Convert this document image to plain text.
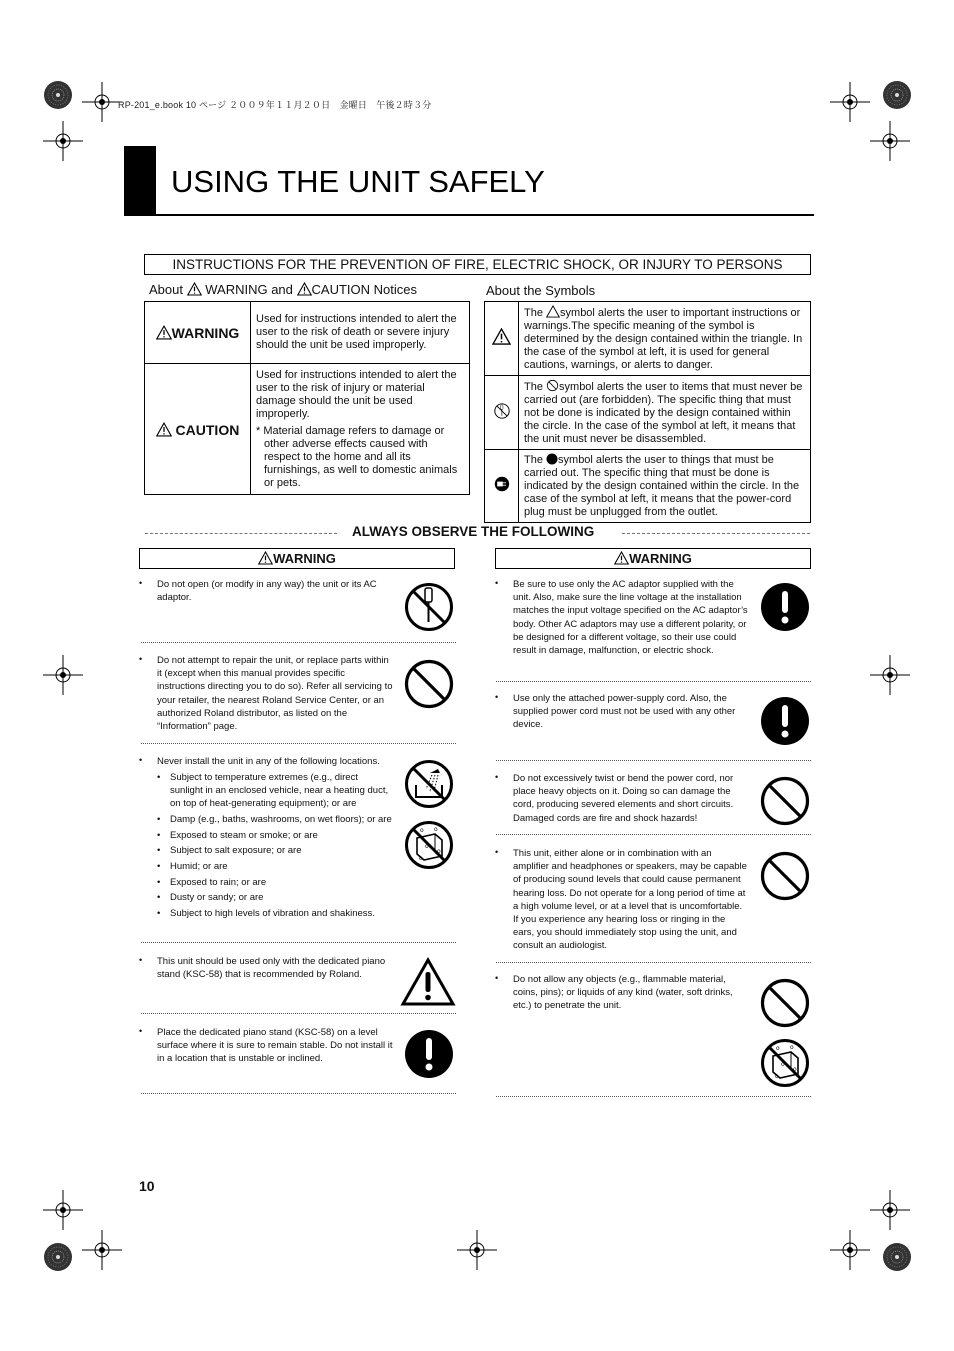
RP-201_e.book 10 ページ ２００９年１１月２０日　金曜日　午後２時３分
USING THE UNIT SAFELY
INSTRUCTIONS FOR THE PREVENTION OF FIRE, ELECTRIC SHOCK, OR INJURY TO PERSONS
About WARNING and CAUTION Notices
WARNING	Used for instructions intended to alert the user to the risk of death or severe injury should the unit be used improperly.
CAUTION	Used for instructions intended to alert the user to the risk of injury or material damage should the unit be used improperly.
* Material damage refers to damage or other adverse effects caused with respect to the home and all its furnishings, as well to domestic animals or pets.
About the Symbols
	The symbol alerts the user to important instructions or warnings.The specific meaning of the symbol is determined by the design contained within the triangle. In the case of the symbol at left, it is used for general cautions, warnings, or alerts to danger.
	The symbol alerts the user to items that must never be carried out (are forbidden). The specific thing that must not be done is indicated by the design contained within the circle. In the case of the symbol at left, it means that the unit must never be disassembled.
	The symbol alerts the user to things that must be carried out. The specific thing that must be done is indicated by the design contained within the circle. In the case of the symbol at left, it means that the power-cord plug must be unplugged from the outlet.
ALWAYS OBSERVE THE FOLLOWING
WARNING	WARNING
• Do not open (or modify in any way) the unit or its AC adaptor.
• Do not attempt to repair the unit, or replace parts within it (except when this manual provides specific instructions directing you to do so). Refer all servicing to your retailer, the nearest Roland Service Center, or an authorized Roland distributor, as listed on the “Information” page.
• Never install the unit in any of the following locations.
• Subject to temperature extremes (e.g., direct sunlight in an enclosed vehicle, near a heating duct, on top of heat-generating equipment); or are
• Damp (e.g., baths, washrooms, on wet floors); or are
• Exposed to steam or smoke; or are
• Subject to salt exposure; or are
• Humid; or are
• Exposed to rain; or are
• Dusty or sandy; or are
• Subject to high levels of vibration and shakiness.
• This unit should be used only with the dedicated piano stand (KSC-58) that is recommended by Roland.
• Place the dedicated piano stand (KSC-58) on a level surface where it is sure to remain stable. Do not install it in a location that is unstable or inclined.
• Be sure to use only the AC adaptor supplied with the unit. Also, make sure the line voltage at the installation matches the input voltage specified on the AC adaptor’s body. Other AC adaptors may use a different polarity, or be designed for a different voltage, so their use could result in damage, malfunction, or electric shock.
• Use only the attached power-supply cord. Also, the supplied power cord must not be used with any other device.
• Do not excessively twist or bend the power cord, nor place heavy objects on it. Doing so can damage the cord, producing severed elements and short circuits. Damaged cords are fire and shock hazards!
• This unit, either alone or in combination with an amplifier and headphones or speakers, may be capable of producing sound levels that could cause permanent hearing loss. Do not operate for a long period of time at a high volume level, or at a level that is uncomfortable. If you experience any hearing loss or ringing in the ears, you should immediately stop using the unit, and consult an audiologist.
• Do not allow any objects (e.g., flammable material, coins, pins); or liquids of any kind (water, soft drinks, etc.) to penetrate the unit.
10
